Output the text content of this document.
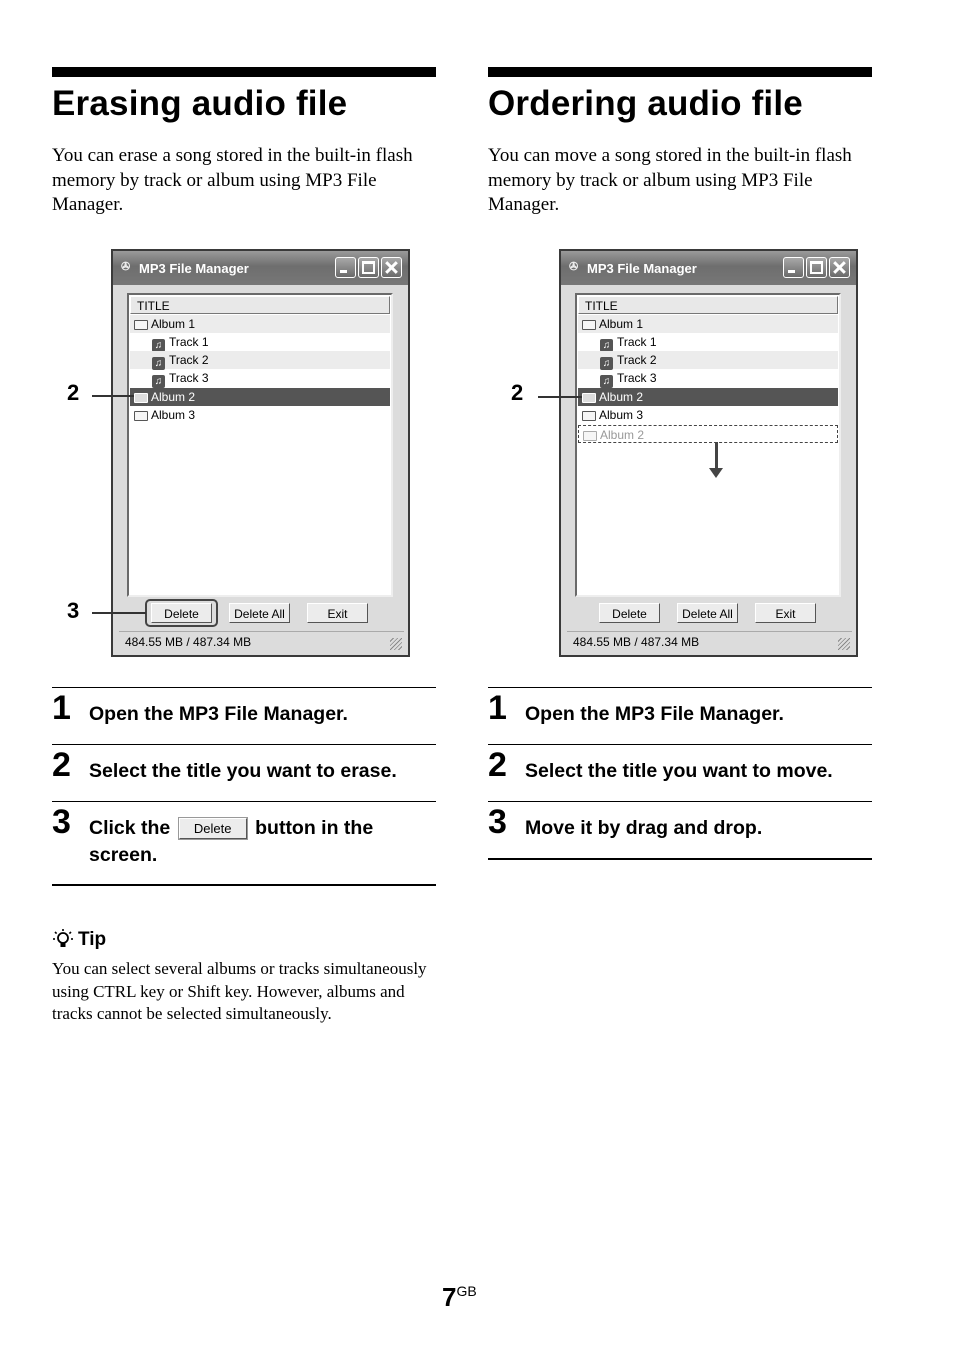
Erasing audio file

You can erase a song stored in the built-in flash memory by track or album using MP3 File Manager.

✇ MP3 File Manager
TITLE
Album 1
♫ Track 1
♫ Track 2
♫ Track 3
Album 2
Album 3
Delete	Delete All	Exit
484.55 MB / 487.34 MB
2
3
Ordering audio file

You can move a song stored in the built-in flash memory by track or album using MP3 File Manager.

✇ MP3 File Manager
TITLE
Album 1
♫ Track 1
♫ Track 2
♫ Track 3
Album 2
Album 3
Album 2
Delete	Delete All	Exit
484.55 MB / 487.34 MB
2
1 Open the MP3 File Manager.
2 Select the title you want to erase.
3 Click the Delete button in the screen.
1 Open the MP3 File Manager.
2 Select the title you want to move.
3 Move it by drag and drop.
Tip

You can select several albums or tracks simultaneously using CTRL key or Shift key. However, albums and tracks cannot be selected simultaneously.

$7^{GB}$
